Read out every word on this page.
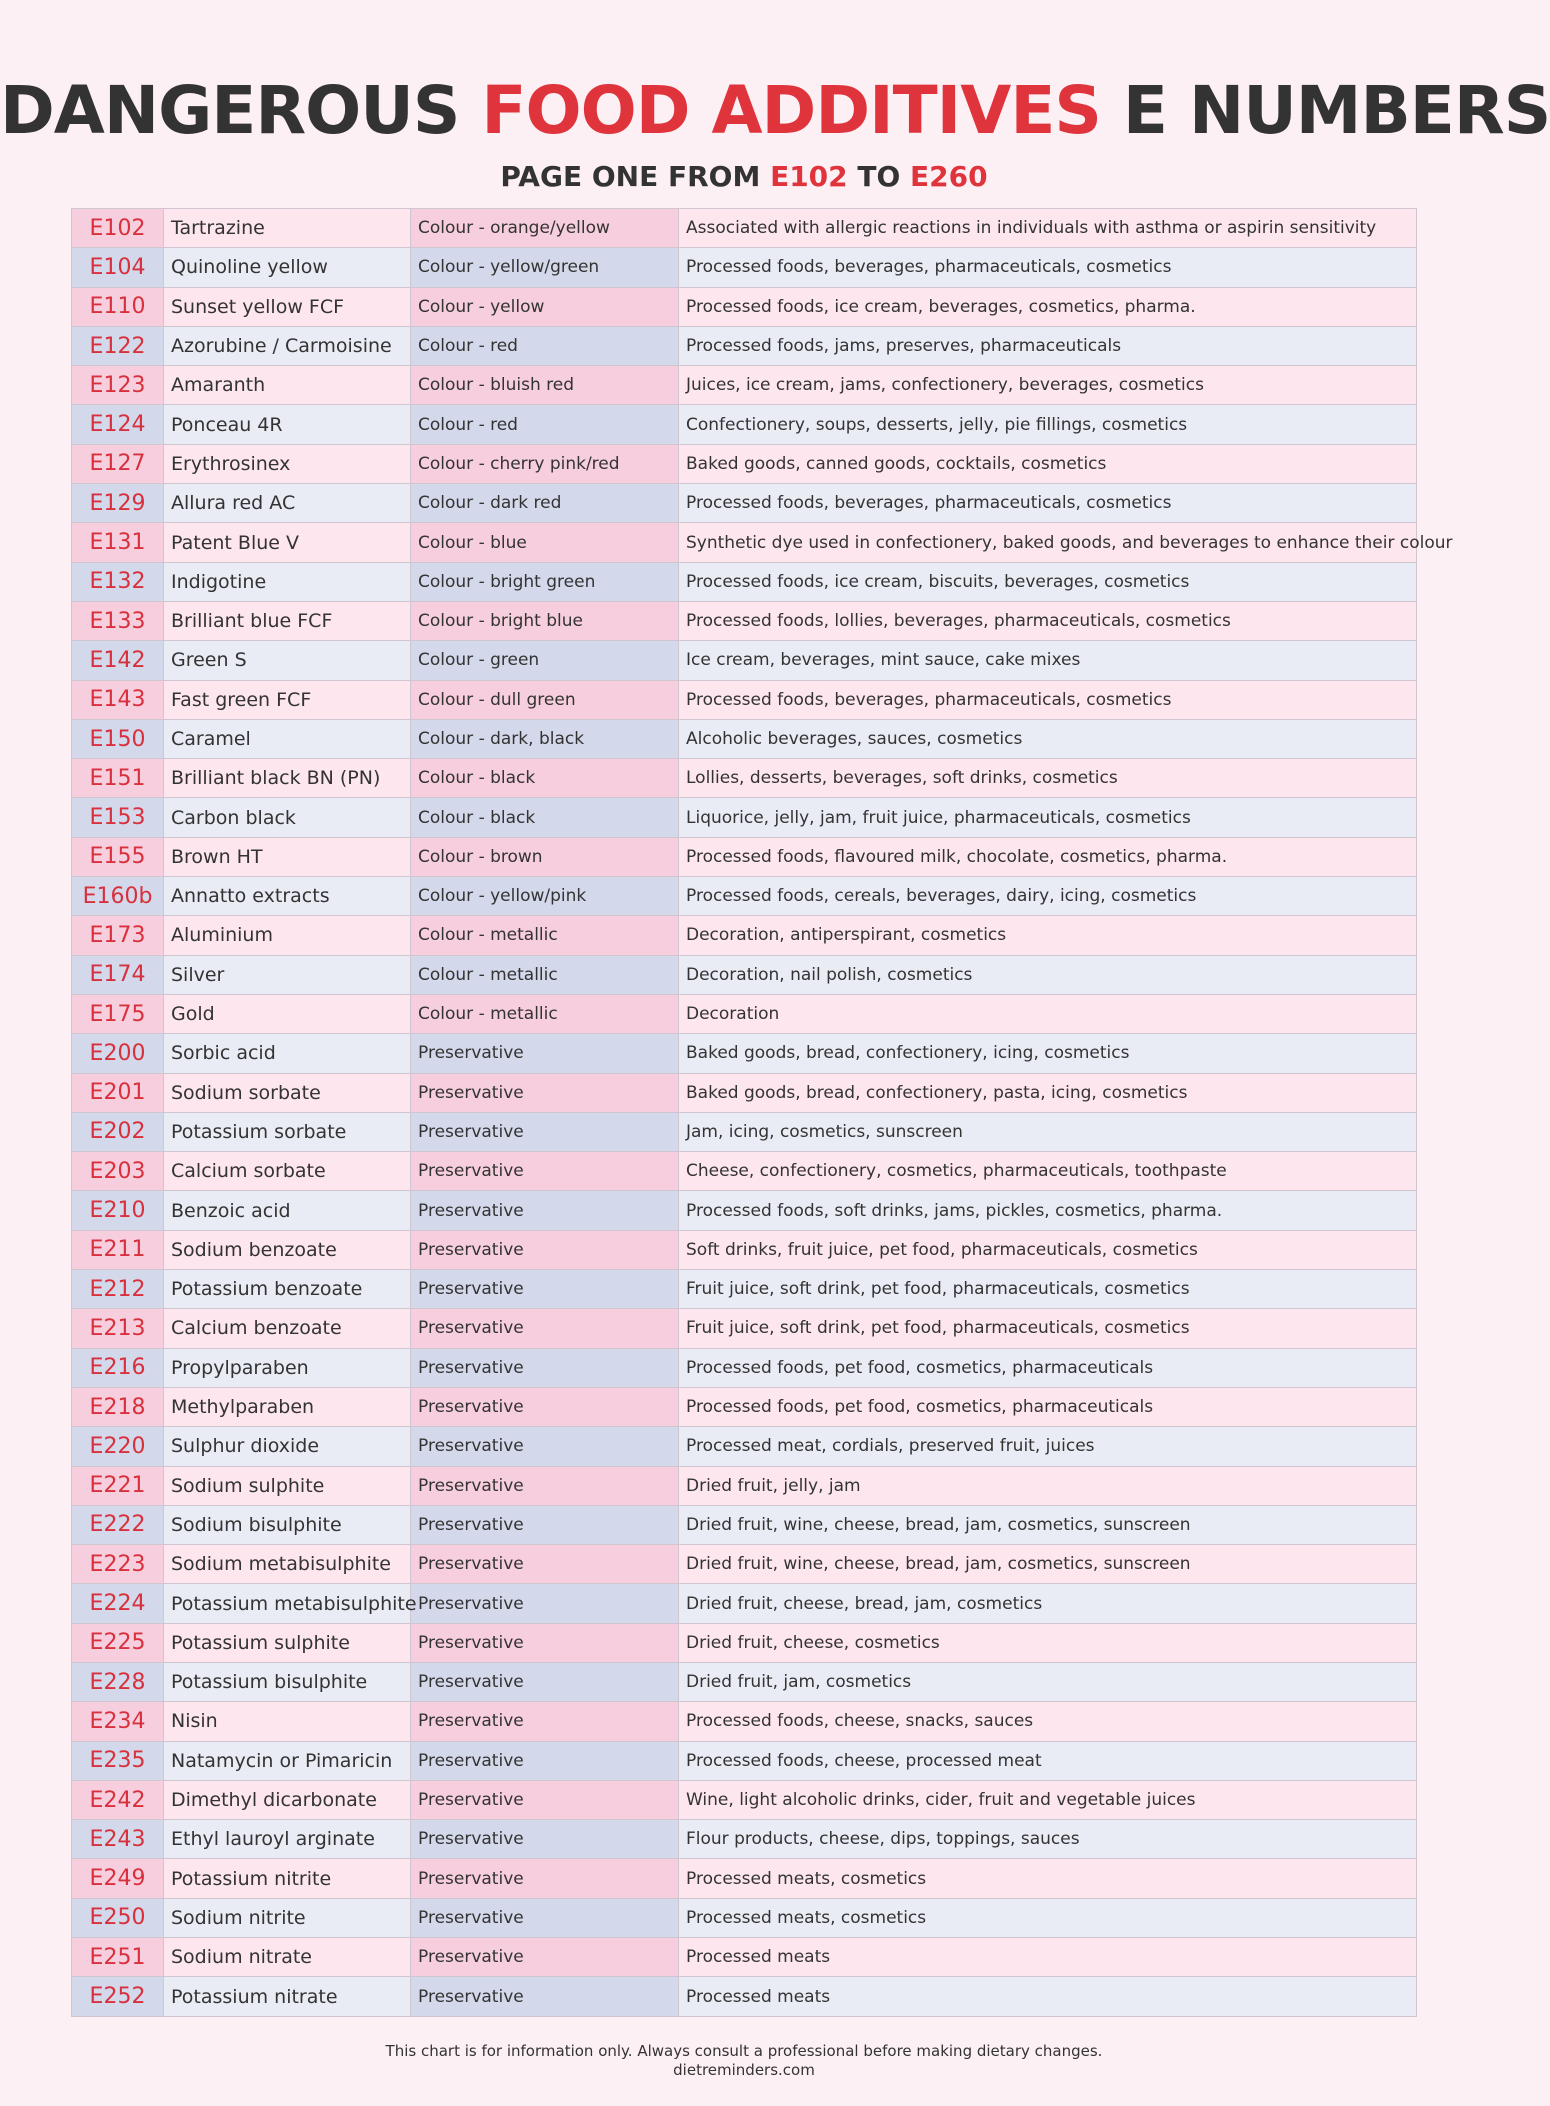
DANGEROUS FOOD ADDITIVES E NUMBERS
PAGE ONE FROM E102 TO E260
E102	Tartrazine	Colour - orange/yellow	Associated with allergic reactions in individuals with asthma or aspirin sensitivity
E104	Quinoline yellow	Colour - yellow/green	Processed foods, beverages, pharmaceuticals, cosmetics
E110	Sunset yellow FCF	Colour - yellow	Processed foods, ice cream, beverages, cosmetics, pharma.
E122	Azorubine / Carmoisine	Colour - red	Processed foods, jams, preserves, pharmaceuticals
E123	Amaranth	Colour - bluish red	Juices, ice cream, jams, confectionery, beverages, cosmetics
E124	Ponceau 4R	Colour - red	Confectionery, soups, desserts, jelly, pie fillings, cosmetics
E127	Erythrosinex	Colour - cherry pink/red	Baked goods, canned goods, cocktails, cosmetics
E129	Allura red AC	Colour - dark red	Processed foods, beverages, pharmaceuticals, cosmetics
E131	Patent Blue V	Colour - blue	Synthetic dye used in confectionery, baked goods, and beverages to enhance their colour
E132	Indigotine	Colour - bright green	Processed foods, ice cream, biscuits, beverages, cosmetics
E133	Brilliant blue FCF	Colour - bright blue	Processed foods, lollies, beverages, pharmaceuticals, cosmetics
E142	Green S	Colour - green	Ice cream, beverages, mint sauce, cake mixes
E143	Fast green FCF	Colour - dull green	Processed foods, beverages, pharmaceuticals, cosmetics
E150	Caramel	Colour - dark, black	Alcoholic beverages, sauces, cosmetics
E151	Brilliant black BN (PN)	Colour - black	Lollies, desserts, beverages, soft drinks, cosmetics
E153	Carbon black	Colour - black	Liquorice, jelly, jam, fruit juice, pharmaceuticals, cosmetics
E155	Brown HT	Colour - brown	Processed foods, flavoured milk, chocolate, cosmetics, pharma.
E160b	Annatto extracts	Colour - yellow/pink	Processed foods, cereals, beverages, dairy, icing, cosmetics
E173	Aluminium	Colour - metallic	Decoration, antiperspirant, cosmetics
E174	Silver	Colour - metallic	Decoration, nail polish, cosmetics
E175	Gold	Colour - metallic	Decoration
E200	Sorbic acid	Preservative	Baked goods, bread, confectionery, icing, cosmetics
E201	Sodium sorbate	Preservative	Baked goods, bread, confectionery, pasta, icing, cosmetics
E202	Potassium sorbate	Preservative	Jam, icing, cosmetics, sunscreen
E203	Calcium sorbate	Preservative	Cheese, confectionery, cosmetics, pharmaceuticals, toothpaste
E210	Benzoic acid	Preservative	Processed foods, soft drinks, jams, pickles, cosmetics, pharma.
E211	Sodium benzoate	Preservative	Soft drinks, fruit juice, pet food, pharmaceuticals, cosmetics
E212	Potassium benzoate	Preservative	Fruit juice, soft drink, pet food, pharmaceuticals, cosmetics
E213	Calcium benzoate	Preservative	Fruit juice, soft drink, pet food, pharmaceuticals, cosmetics
E216	Propylparaben	Preservative	Processed foods, pet food, cosmetics, pharmaceuticals
E218	Methylparaben	Preservative	Processed foods, pet food, cosmetics, pharmaceuticals
E220	Sulphur dioxide	Preservative	Processed meat, cordials, preserved fruit, juices
E221	Sodium sulphite	Preservative	Dried fruit, jelly, jam
E222	Sodium bisulphite	Preservative	Dried fruit, wine, cheese, bread, jam, cosmetics, sunscreen
E223	Sodium metabisulphite	Preservative	Dried fruit, wine, cheese, bread, jam, cosmetics, sunscreen
E224	Potassium metabisulphite	Preservative	Dried fruit, cheese, bread, jam, cosmetics
E225	Potassium sulphite	Preservative	Dried fruit, cheese, cosmetics
E228	Potassium bisulphite	Preservative	Dried fruit, jam, cosmetics
E234	Nisin	Preservative	Processed foods, cheese, snacks, sauces
E235	Natamycin or Pimaricin	Preservative	Processed foods, cheese, processed meat
E242	Dimethyl dicarbonate	Preservative	Wine, light alcoholic drinks, cider, fruit and vegetable juices
E243	Ethyl lauroyl arginate	Preservative	Flour products, cheese, dips, toppings, sauces
E249	Potassium nitrite	Preservative	Processed meats, cosmetics
E250	Sodium nitrite	Preservative	Processed meats, cosmetics
E251	Sodium nitrate	Preservative	Processed meats
E252	Potassium nitrate	Preservative	Processed meats
This chart is for information only. Always consult a professional before making dietary changes.
dietreminders.com
